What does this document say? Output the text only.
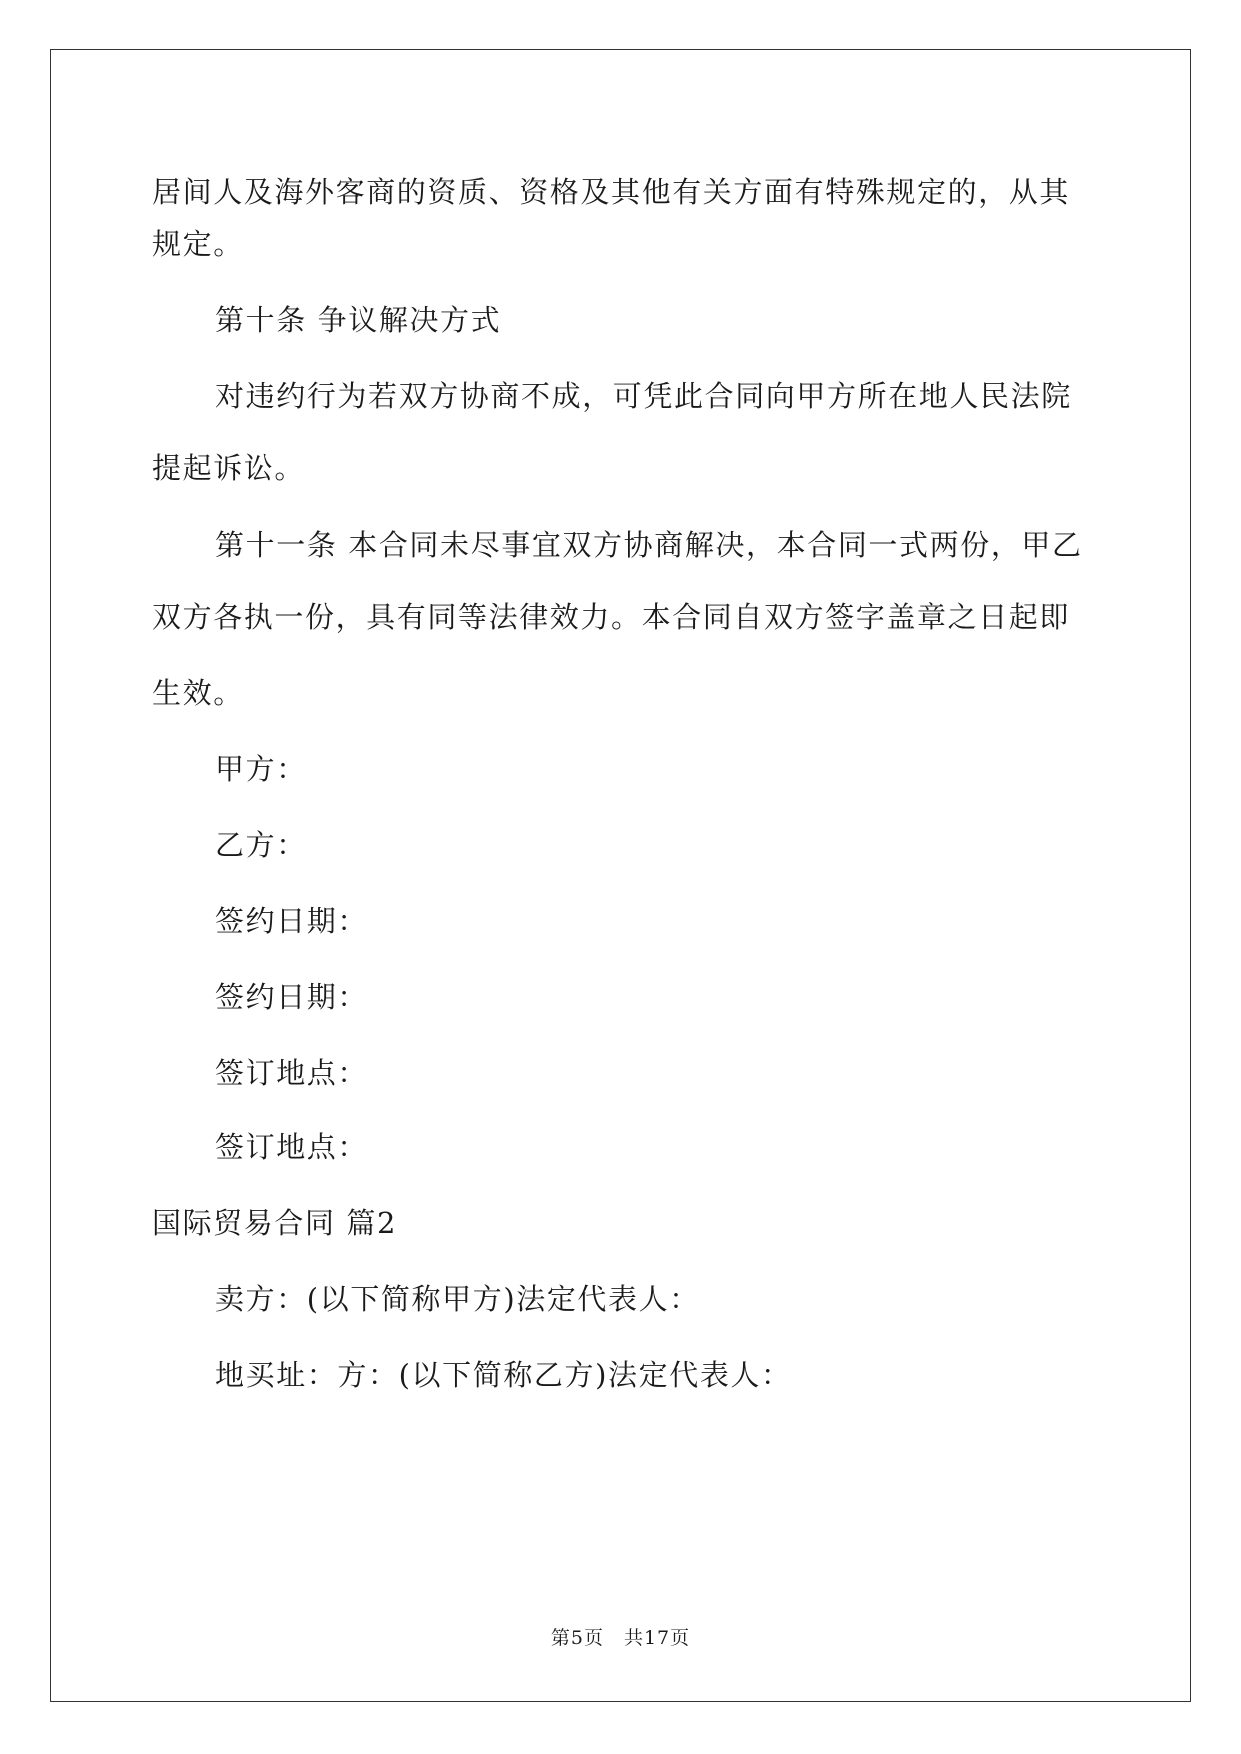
居间人及海外客商的资质、资格及其他有关方面有特殊规定的，从其
规定。
第十条 争议解决方式
对违约行为若双方协商不成，可凭此合同向甲方所在地人民法院
提起诉讼。
第十一条 本合同未尽事宜双方协商解决，本合同一式两份，甲乙
双方各执一份，具有同等法律效力。本合同自双方签字盖章之日起即
生效。
甲方：
乙方：
签约日期：
签约日期：
签订地点：
签订地点：
国际贸易合同 篇2
卖方：(以下简称甲方)法定代表人：
地买址：方：(以下简称乙方)法定代表人：
第5页　共17页
